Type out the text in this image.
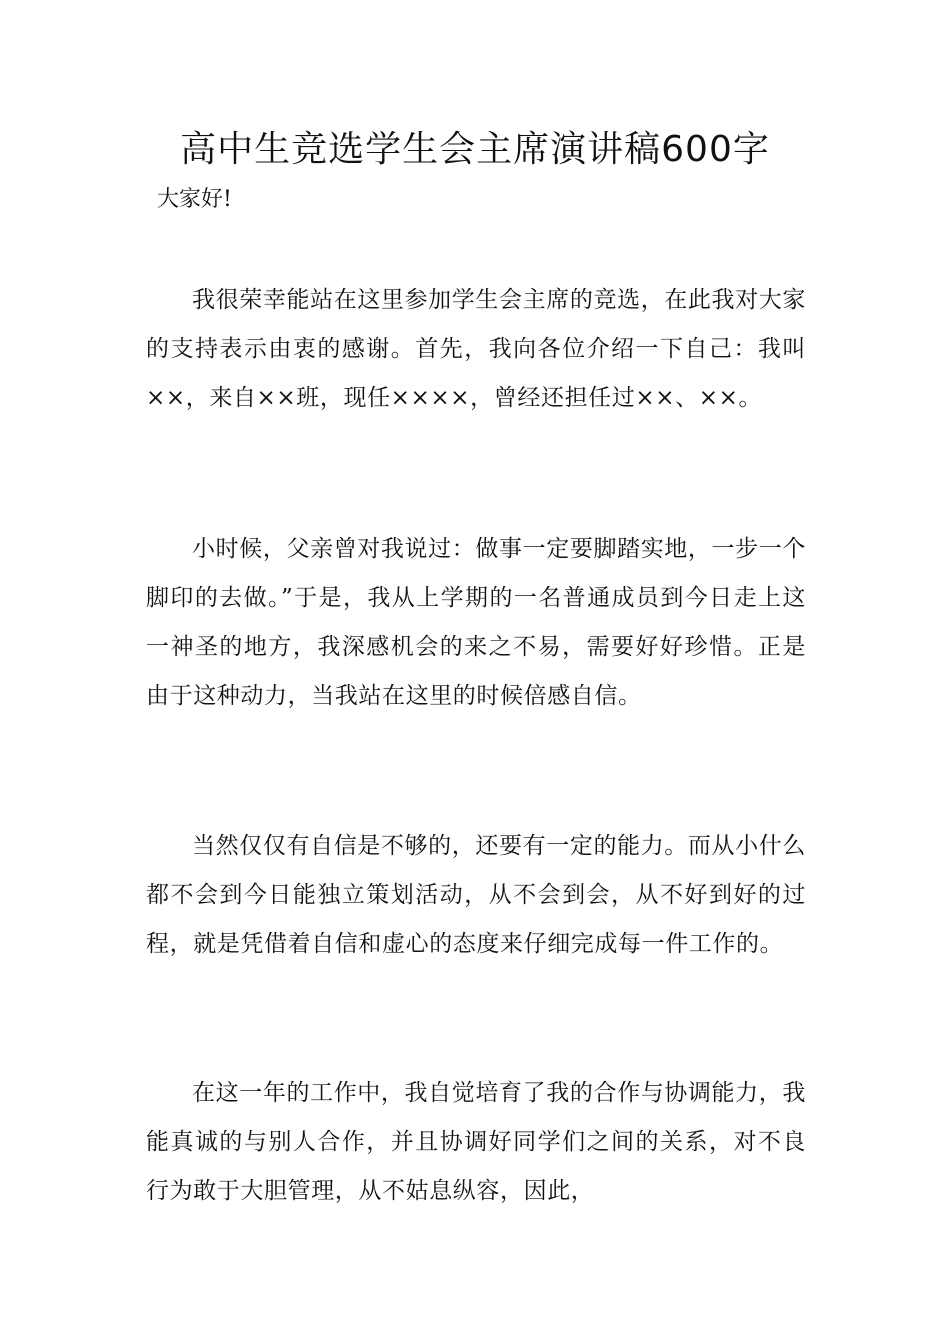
高中生竞选学生会主席演讲稿600字

大家好!

我很荣幸能站在这里参加学生会主席的竞选，在此我对大家的支持表示由衷的感谢。首先，我向各位介绍一下自己：我叫××，来自××班，现任××××，曾经还担任过××、××。

小时候，父亲曾对我说过：做事一定要脚踏实地，一步一个脚印的去做。”于是，我从上学期的一名普通成员到今日走上这一神圣的地方，我深感机会的来之不易，需要好好珍惜。正是由于这种动力，当我站在这里的时候倍感自信。

当然仅仅有自信是不够的，还要有一定的能力。而从小什么都不会到今日能独立策划活动，从不会到会，从不好到好的过程，就是凭借着自信和虚心的态度来仔细完成每一件工作的。

在这一年的工作中，我自觉培育了我的合作与协调能力，我能真诚的与别人合作，并且协调好同学们之间的关系，对不良行为敢于大胆管理，从不姑息纵容，因此，
